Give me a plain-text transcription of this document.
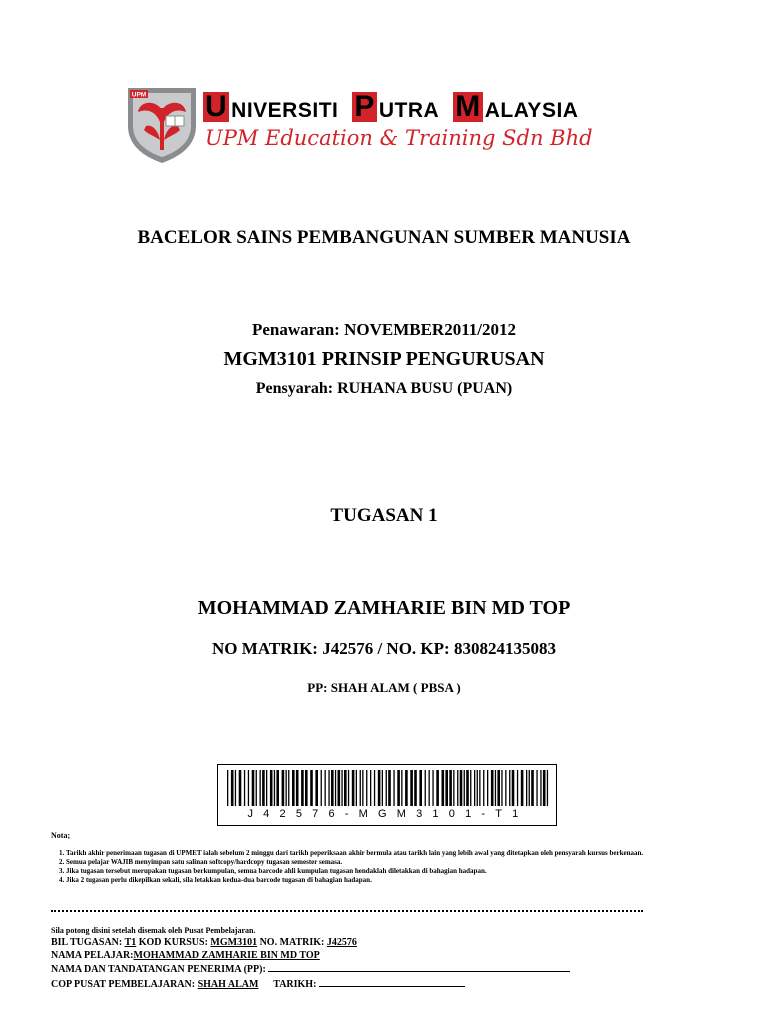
UPM U NIVERSITI P UTRA M ALAYSIA
UPM Education & Training Sdn Bhd
BACELOR SAINS PEMBANGUNAN SUMBER MANUSIA
Penawaran: NOVEMBER2011/2012
MGM3101 PRINSIP PENGURUSAN
Pensyarah: RUHANA BUSU (PUAN)
TUGASAN 1
MOHAMMAD ZAMHARIE BIN MD TOP
NO MATRIK: J42576 / NO. KP: 830824135083
PP: SHAH ALAM ( PBSA )
J42576-MGM3101-T1
Nota;
1. Tarikh akhir penerimaan tugasan di UPMET ialah sebelum 2 minggu dari tarikh peperiksaan akhir bermula atau tarikh lain yang lebih awal yang ditetapkan oleh pensyarah kursus berkenaan.
2. Semua pelajar WAJIB menyimpan satu salinan softcopy/hardcopy tugasan semester semasa.
3. Jika tugasan tersebut merupakan tugasan berkumpulan, semua barcode ahli kumpulan tugasan hendaklah diletakkan di bahagian hadapan.
4. Jika 2 tugasan perlu dikepilkan sekali, sila letakkan kedua-dua barcode tugasan di bahagian hadapan.
Sila potong disini setelah disemak oleh Pusat Pembelajaran.
BIL TUGASAN: T1 KOD KURSUS: MGM3101 NO. MATRIK: J42576
NAMA PELAJAR:MOHAMMAD ZAMHARIE BIN MD TOP
NAMA DAN TANDATANGAN PENERIMA (PP):
COP PUSAT PEMBELAJARAN: SHAH ALAM TARIKH:
